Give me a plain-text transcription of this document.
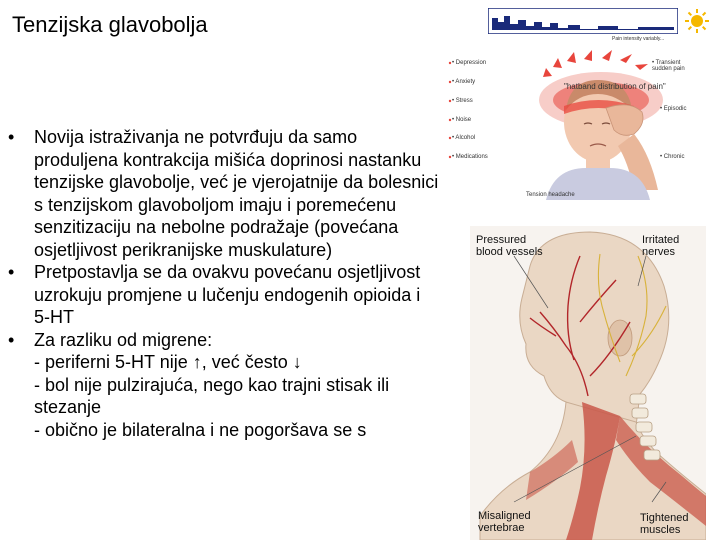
Tenzijska glavobolja
Pain intensity variably...
• Novija istraživanja ne potvrđuju da samo produljena kontrakcija mišića doprinosi nastanku tenzijske glavobolje, već je vjerojatnije da bolesnici s tenzijskom glavoboljom imaju i poremećenu senzitizaciju na nebolne podražaje (povećana osjetljivost perikranijske muskulature)
• Pretpostavlja se da ovakvu povećanu osjetljivost uzrokuju promjene u lučenju endogenih opioida i 5-HT
• Za razliku od migrene:
- periferni 5-HT nije ↑, već često ↓
- bol nije pulzirajuća, nego kao trajni stisak ili stezanje
- obično je bilateralna i ne pogoršava se s
• Depression
• Anxiety
• Stress
• Noise
• Alcohol
• Medications
• Transient sudden pain
• Episodic
• Chronic
"hatband distribution of pain"
Tension headache
Pressured blood vessels
Irritated nerves
Misaligned vertebrae
Tightened muscles
